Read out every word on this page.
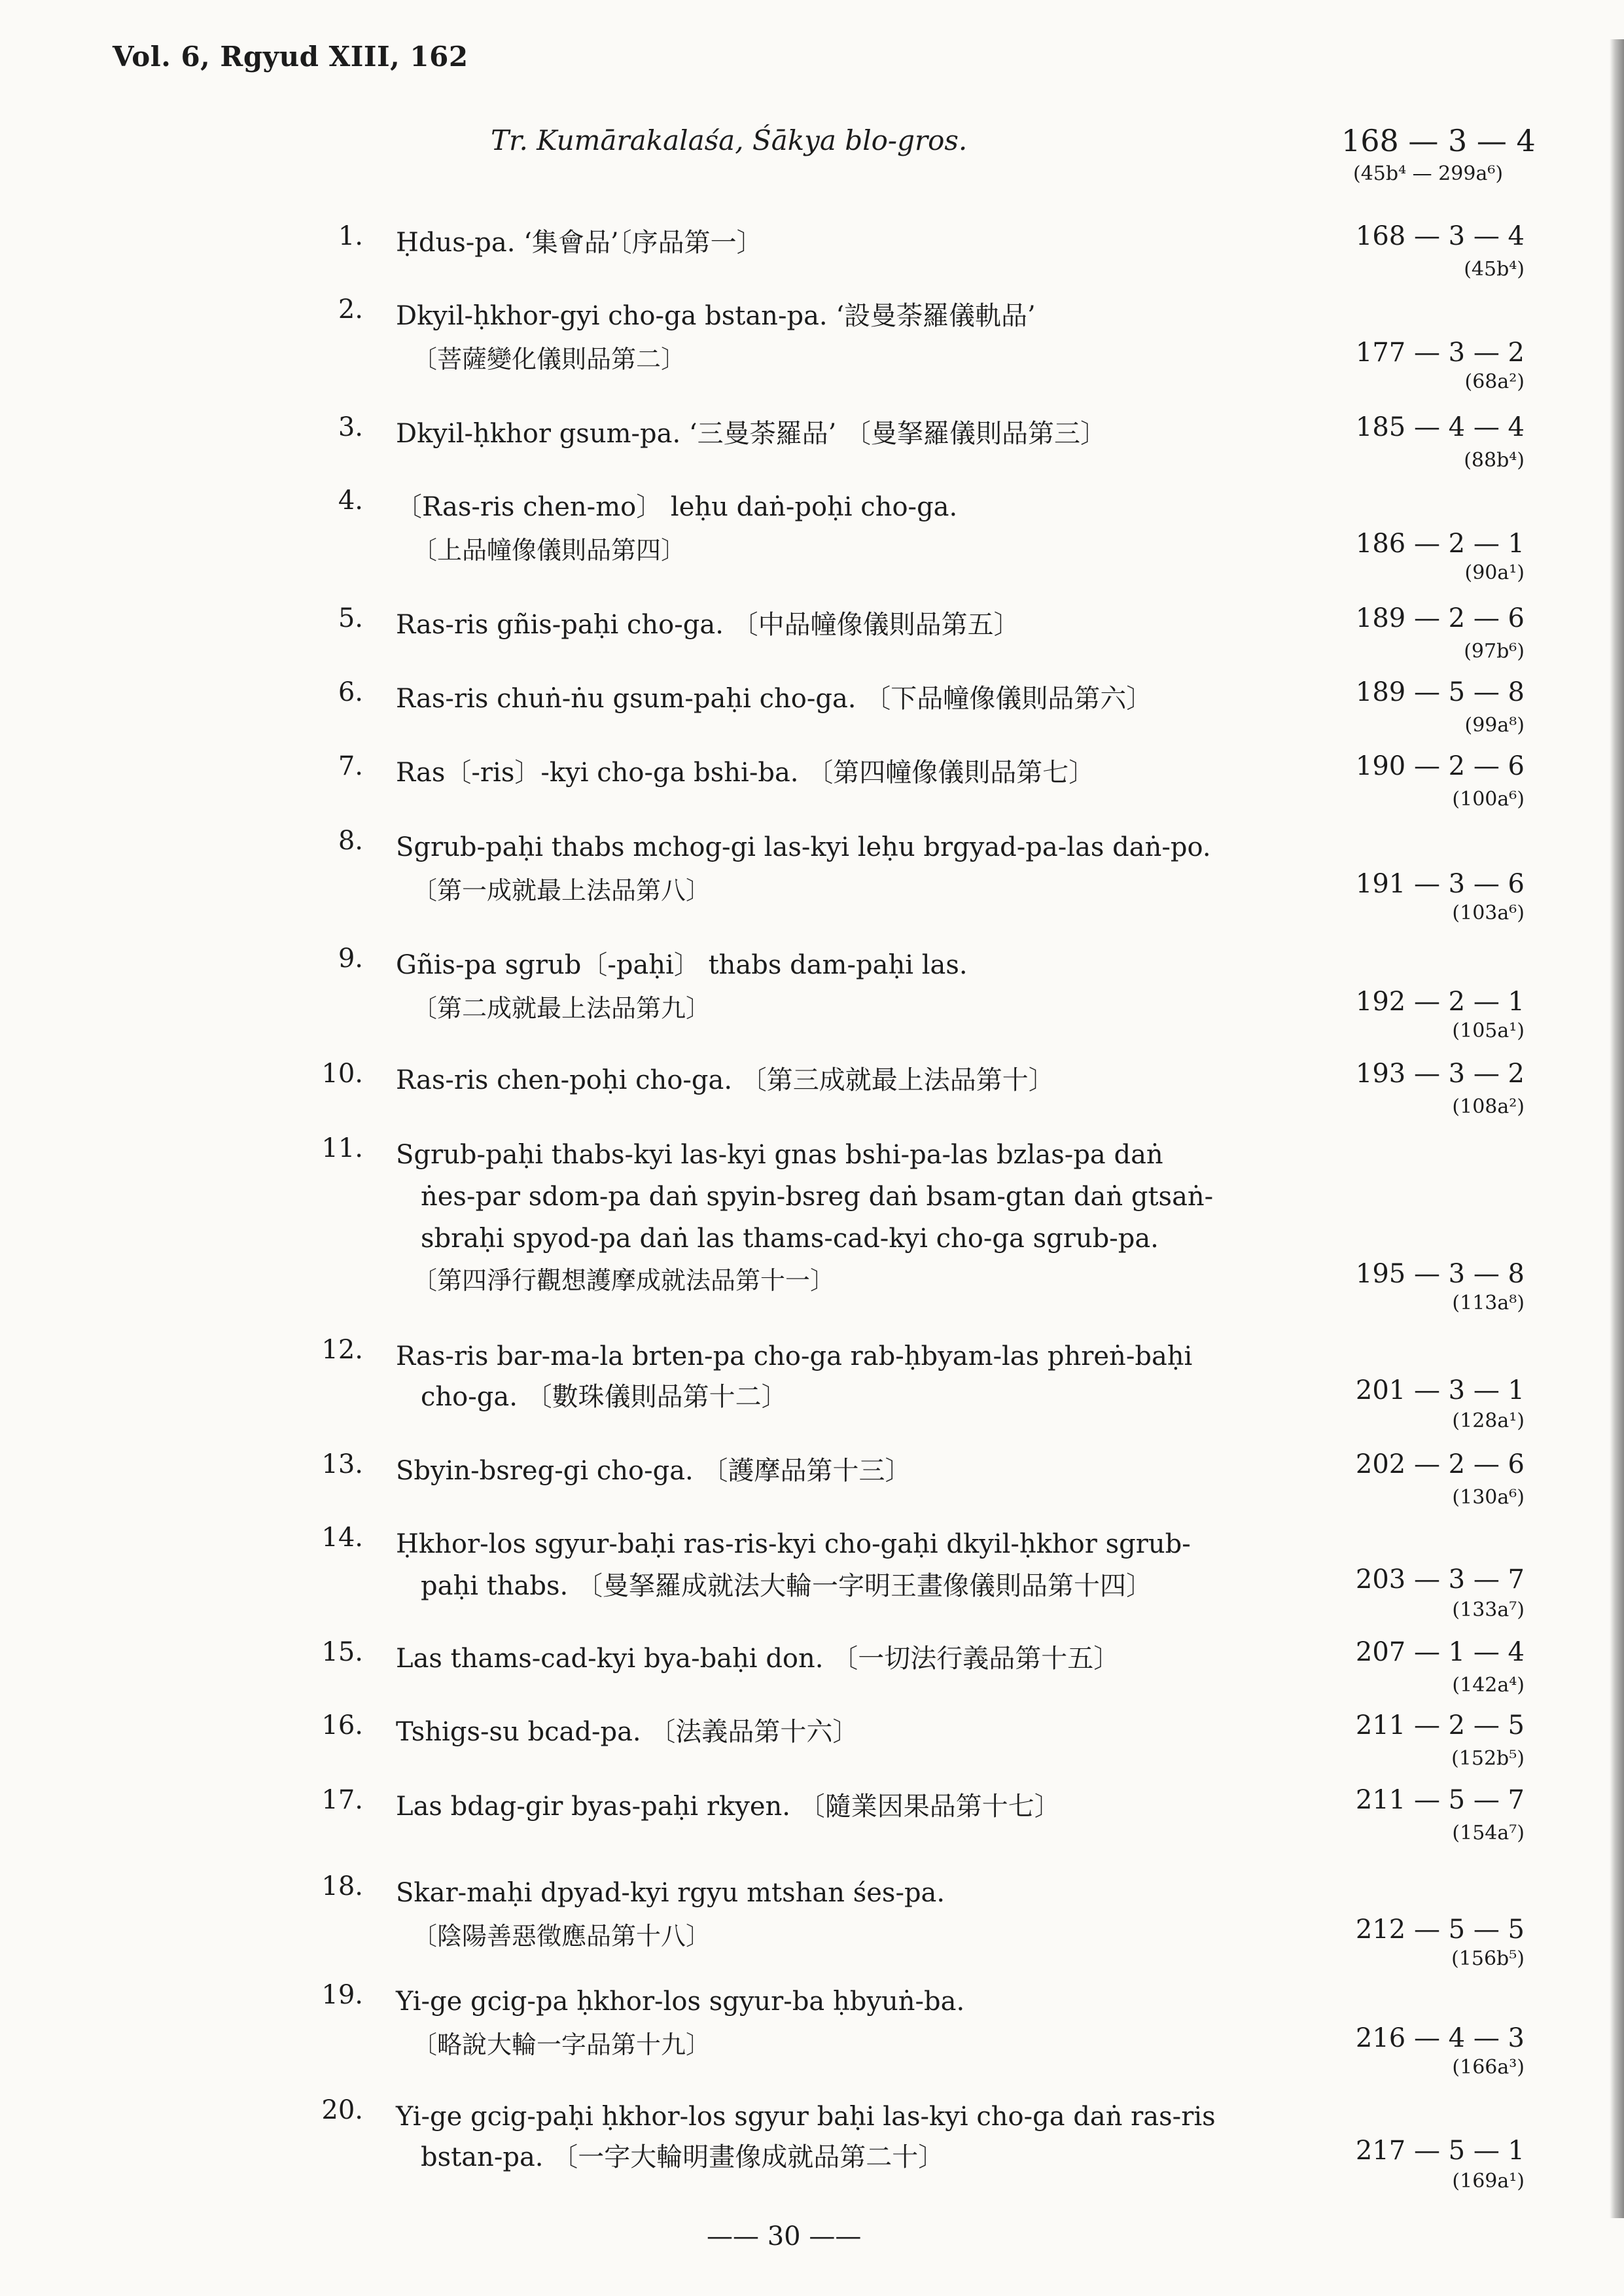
Vol. 6, Rgyud XIII, 162
Tr. Kumārakalaśa, Śākya blo-gros.	168 — 3 — 4
(45b⁴ — 299a⁶)
1. Ḥdus-pa. ‘集會品’〔序品第一〕	168 — 3 — 4
(45b⁴)
2. Dkyil-ḥkhor-gyi cho-ga bstan-pa. ‘設曼荼羅儀軌品’
〔菩薩變化儀則品第二〕	177 — 3 — 2
(68a²)
3. Dkyil-ḥkhor gsum-pa. ‘三曼荼羅品’ 〔曼拏羅儀則品第三〕	185 — 4 — 4
(88b⁴)
4. 〔Ras-ris chen-mo〕 leḥu daṅ-poḥi cho-ga.
〔上品幢像儀則品第四〕	186 — 2 — 1
(90a¹)
5. Ras-ris gñis-paḥi cho-ga. 〔中品幢像儀則品第五〕	189 — 2 — 6
(97b⁶)
6. Ras-ris chuṅ-ṅu gsum-paḥi cho-ga. 〔下品幢像儀則品第六〕	189 — 5 — 8
(99a⁸)
7. Ras〔-ris〕-kyi cho-ga bshi-ba. 〔第四幢像儀則品第七〕	190 — 2 — 6
(100a⁶)
8. Sgrub-paḥi thabs mchog-gi las-kyi leḥu brgyad-pa-las daṅ-po.
〔第一成就最上法品第八〕	191 — 3 — 6
(103a⁶)
9. Gñis-pa sgrub〔-paḥi〕 thabs dam-paḥi las.
〔第二成就最上法品第九〕	192 — 2 — 1
(105a¹)
10. Ras-ris chen-poḥi cho-ga. 〔第三成就最上法品第十〕	193 — 3 — 2
(108a²)
11. Sgrub-paḥi thabs-kyi las-kyi gnas bshi-pa-las bzlas-pa daṅ
ṅes-par sdom-pa daṅ spyin-bsreg daṅ bsam-gtan daṅ gtsaṅ-
sbraḥi spyod-pa daṅ las thams-cad-kyi cho-ga sgrub-pa.
〔第四淨行觀想護摩成就法品第十一〕	195 — 3 — 8
(113a⁸)
12. Ras-ris bar-ma-la brten-pa cho-ga rab-ḥbyam-las phreṅ-baḥi
cho-ga. 〔數珠儀則品第十二〕	201 — 3 — 1
(128a¹)
13. Sbyin-bsreg-gi cho-ga. 〔護摩品第十三〕	202 — 2 — 6
(130a⁶)
14. Ḥkhor-los sgyur-baḥi ras-ris-kyi cho-gaḥi dkyil-ḥkhor sgrub-
paḥi thabs. 〔曼拏羅成就法大輪一字明王畫像儀則品第十四〕	203 — 3 — 7
(133a⁷)
15. Las thams-cad-kyi bya-baḥi don. 〔一切法行義品第十五〕	207 — 1 — 4
(142a⁴)
16. Tshigs-su bcad-pa. 〔法義品第十六〕	211 — 2 — 5
(152b⁵)
17. Las bdag-gir byas-paḥi rkyen. 〔隨業因果品第十七〕	211 — 5 — 7
(154a⁷)
18. Skar-maḥi dpyad-kyi rgyu mtshan śes-pa.
〔陰陽善惡徵應品第十八〕	212 — 5 — 5
(156b⁵)
19. Yi-ge gcig-pa ḥkhor-los sgyur-ba ḥbyuṅ-ba.
〔略說大輪一字品第十九〕	216 — 4 — 3
(166a³)
20. Yi-ge gcig-paḥi ḥkhor-los sgyur baḥi las-kyi cho-ga daṅ ras-ris
bstan-pa. 〔一字大輪明畫像成就品第二十〕	217 — 5 — 1
(169a¹)
—— 30 ——
